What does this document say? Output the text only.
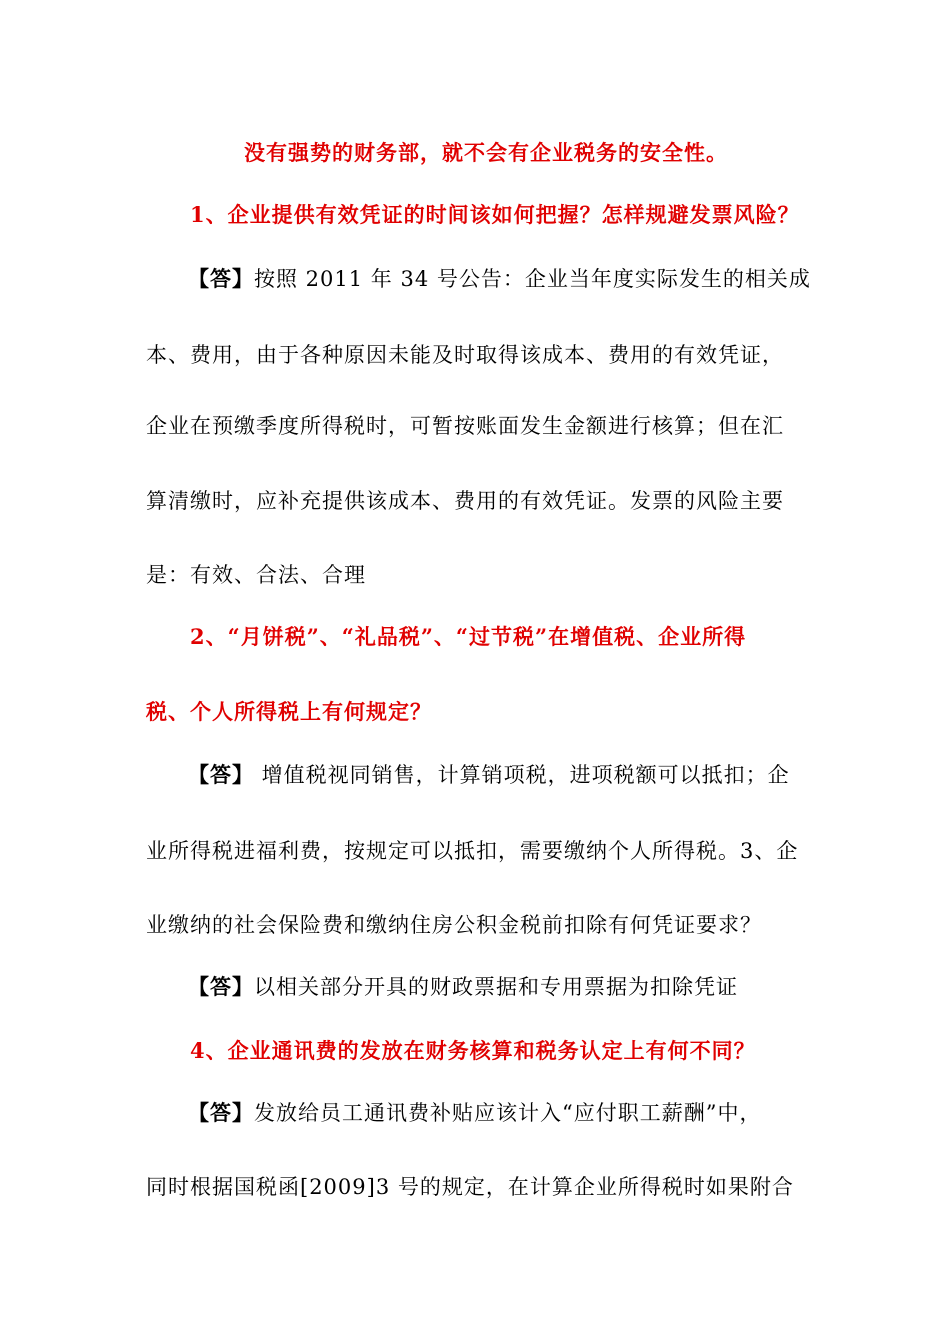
没有强势的财务部，就不会有企业税务的安全性。
1、企业提供有效凭证的时间该如何把握？怎样规避发票风险？
【答】按照 2011 年 34 号公告：企业当年度实际发生的相关成
本、费用，由于各种原因未能及时取得该成本、费用的有效凭证，
企业在预缴季度所得税时，可暂按账面发生金额进行核算；但在汇
算清缴时，应补充提供该成本、费用的有效凭证。发票的风险主要
是：有效、合法、合理
2、“月饼税”、“礼品税”、“过节税”在增值税、企业所得
税、个人所得税上有何规定？
【答】 增值税视同销售，计算销项税，进项税额可以抵扣；企
业所得税进福利费，按规定可以抵扣，需要缴纳个人所得税。3、企
业缴纳的社会保险费和缴纳住房公积金税前扣除有何凭证要求？
【答】以相关部分开具的财政票据和专用票据为扣除凭证
4、企业通讯费的发放在财务核算和税务认定上有何不同？
【答】发放给员工通讯费补贴应该计入“应付职工薪酬”中，
同时根据国税函[2009]3 号的规定，在计算企业所得税时如果附合
